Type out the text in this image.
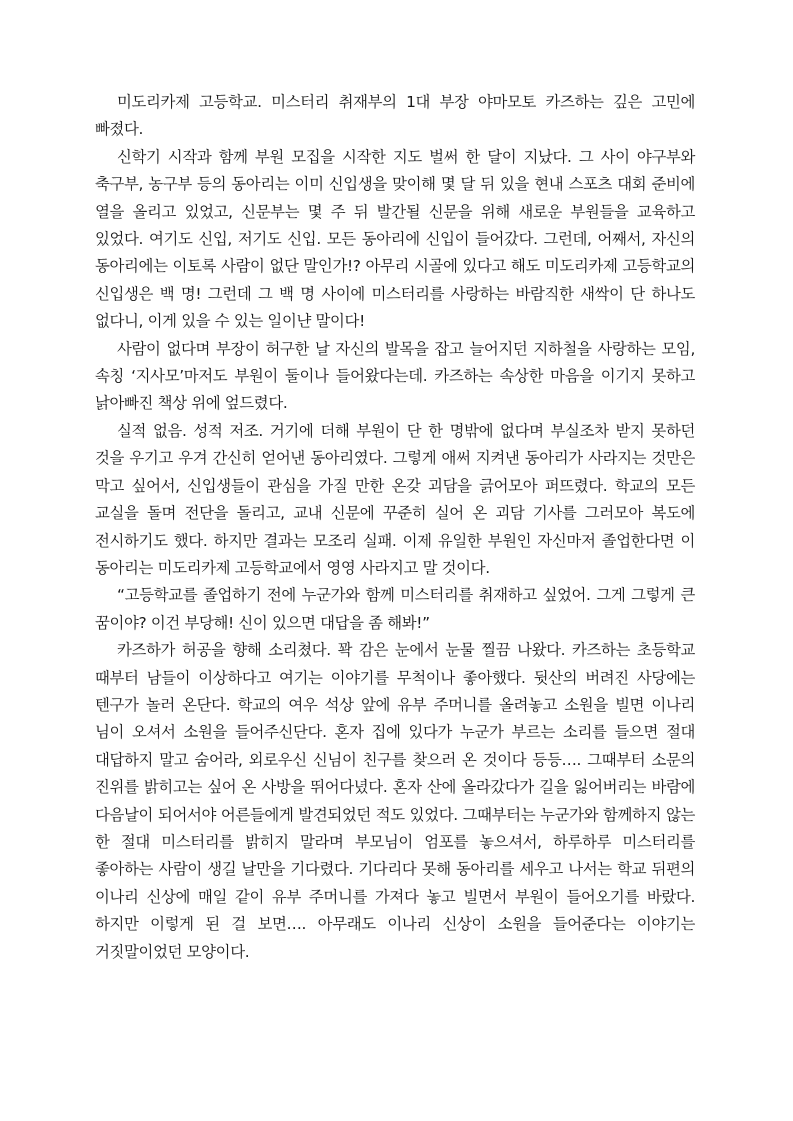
미도리카제 고등학교. 미스터리 취재부의 1대 부장 야마모토 카즈하는 깊은 고민에 빠졌다.

신학기 시작과 함께 부원 모집을 시작한 지도 벌써 한 달이 지났다. 그 사이 야구부와 축구부, 농구부 등의 동아리는 이미 신입생을 맞이해 몇 달 뒤 있을 현내 스포츠 대회 준비에 열을 올리고 있었고, 신문부는 몇 주 뒤 발간될 신문을 위해 새로운 부원들을 교육하고 있었다. 여기도 신입, 저기도 신입. 모든 동아리에 신입이 들어갔다. 그런데, 어째서, 자신의 동아리에는 이토록 사람이 없단 말인가!? 아무리 시골에 있다고 해도 미도리카제 고등학교의 신입생은 백 명! 그런데 그 백 명 사이에 미스터리를 사랑하는 바람직한 새싹이 단 하나도 없다니, 이게 있을 수 있는 일이냔 말이다!

사람이 없다며 부장이 허구한 날 자신의 발목을 잡고 늘어지던 지하철을 사랑하는 모임, 속칭 ‘지사모’마저도 부원이 둘이나 들어왔다는데. 카즈하는 속상한 마음을 이기지 못하고 낡아빠진 책상 위에 엎드렸다.

실적 없음. 성적 저조. 거기에 더해 부원이 단 한 명밖에 없다며 부실조차 받지 못하던 것을 우기고 우겨 간신히 얻어낸 동아리였다. 그렇게 애써 지켜낸 동아리가 사라지는 것만은 막고 싶어서, 신입생들이 관심을 가질 만한 온갖 괴담을 긁어모아 퍼뜨렸다. 학교의 모든 교실을 돌며 전단을 돌리고, 교내 신문에 꾸준히 실어 온 괴담 기사를 그러모아 복도에 전시하기도 했다. 하지만 결과는 모조리 실패. 이제 유일한 부원인 자신마저 졸업한다면 이 동아리는 미도리카제 고등학교에서 영영 사라지고 말 것이다.

“고등학교를 졸업하기 전에 누군가와 함께 미스터리를 취재하고 싶었어. 그게 그렇게 큰 꿈이야? 이건 부당해! 신이 있으면 대답을 좀 해봐!”

카즈하가 허공을 향해 소리쳤다. 꽉 감은 눈에서 눈물 찔끔 나왔다. 카즈하는 초등학교 때부터 남들이 이상하다고 여기는 이야기를 무척이나 좋아했다. 뒷산의 버려진 사당에는 텐구가 놀러 온단다. 학교의 여우 석상 앞에 유부 주머니를 올려놓고 소원을 빌면 이나리 님이 오셔서 소원을 들어주신단다. 혼자 집에 있다가 누군가 부르는 소리를 들으면 절대 대답하지 말고 숨어라, 외로우신 신님이 친구를 찾으러 온 것이다 등등…. 그때부터 소문의 진위를 밝히고는 싶어 온 사방을 뛰어다녔다. 혼자 산에 올라갔다가 길을 잃어버리는 바람에 다음날이 되어서야 어른들에게 발견되었던 적도 있었다. 그때부터는 누군가와 함께하지 않는 한 절대 미스터리를 밝히지 말라며 부모님이 엄포를 놓으셔서, 하루하루 미스터리를 좋아하는 사람이 생길 날만을 기다렸다. 기다리다 못해 동아리를 세우고 나서는 학교 뒤편의 이나리 신상에 매일 같이 유부 주머니를 가져다 놓고 빌면서 부원이 들어오기를 바랐다. 하지만 이렇게 된 걸 보면…. 아무래도 이나리 신상이 소원을 들어준다는 이야기는 거짓말이었던 모양이다.
